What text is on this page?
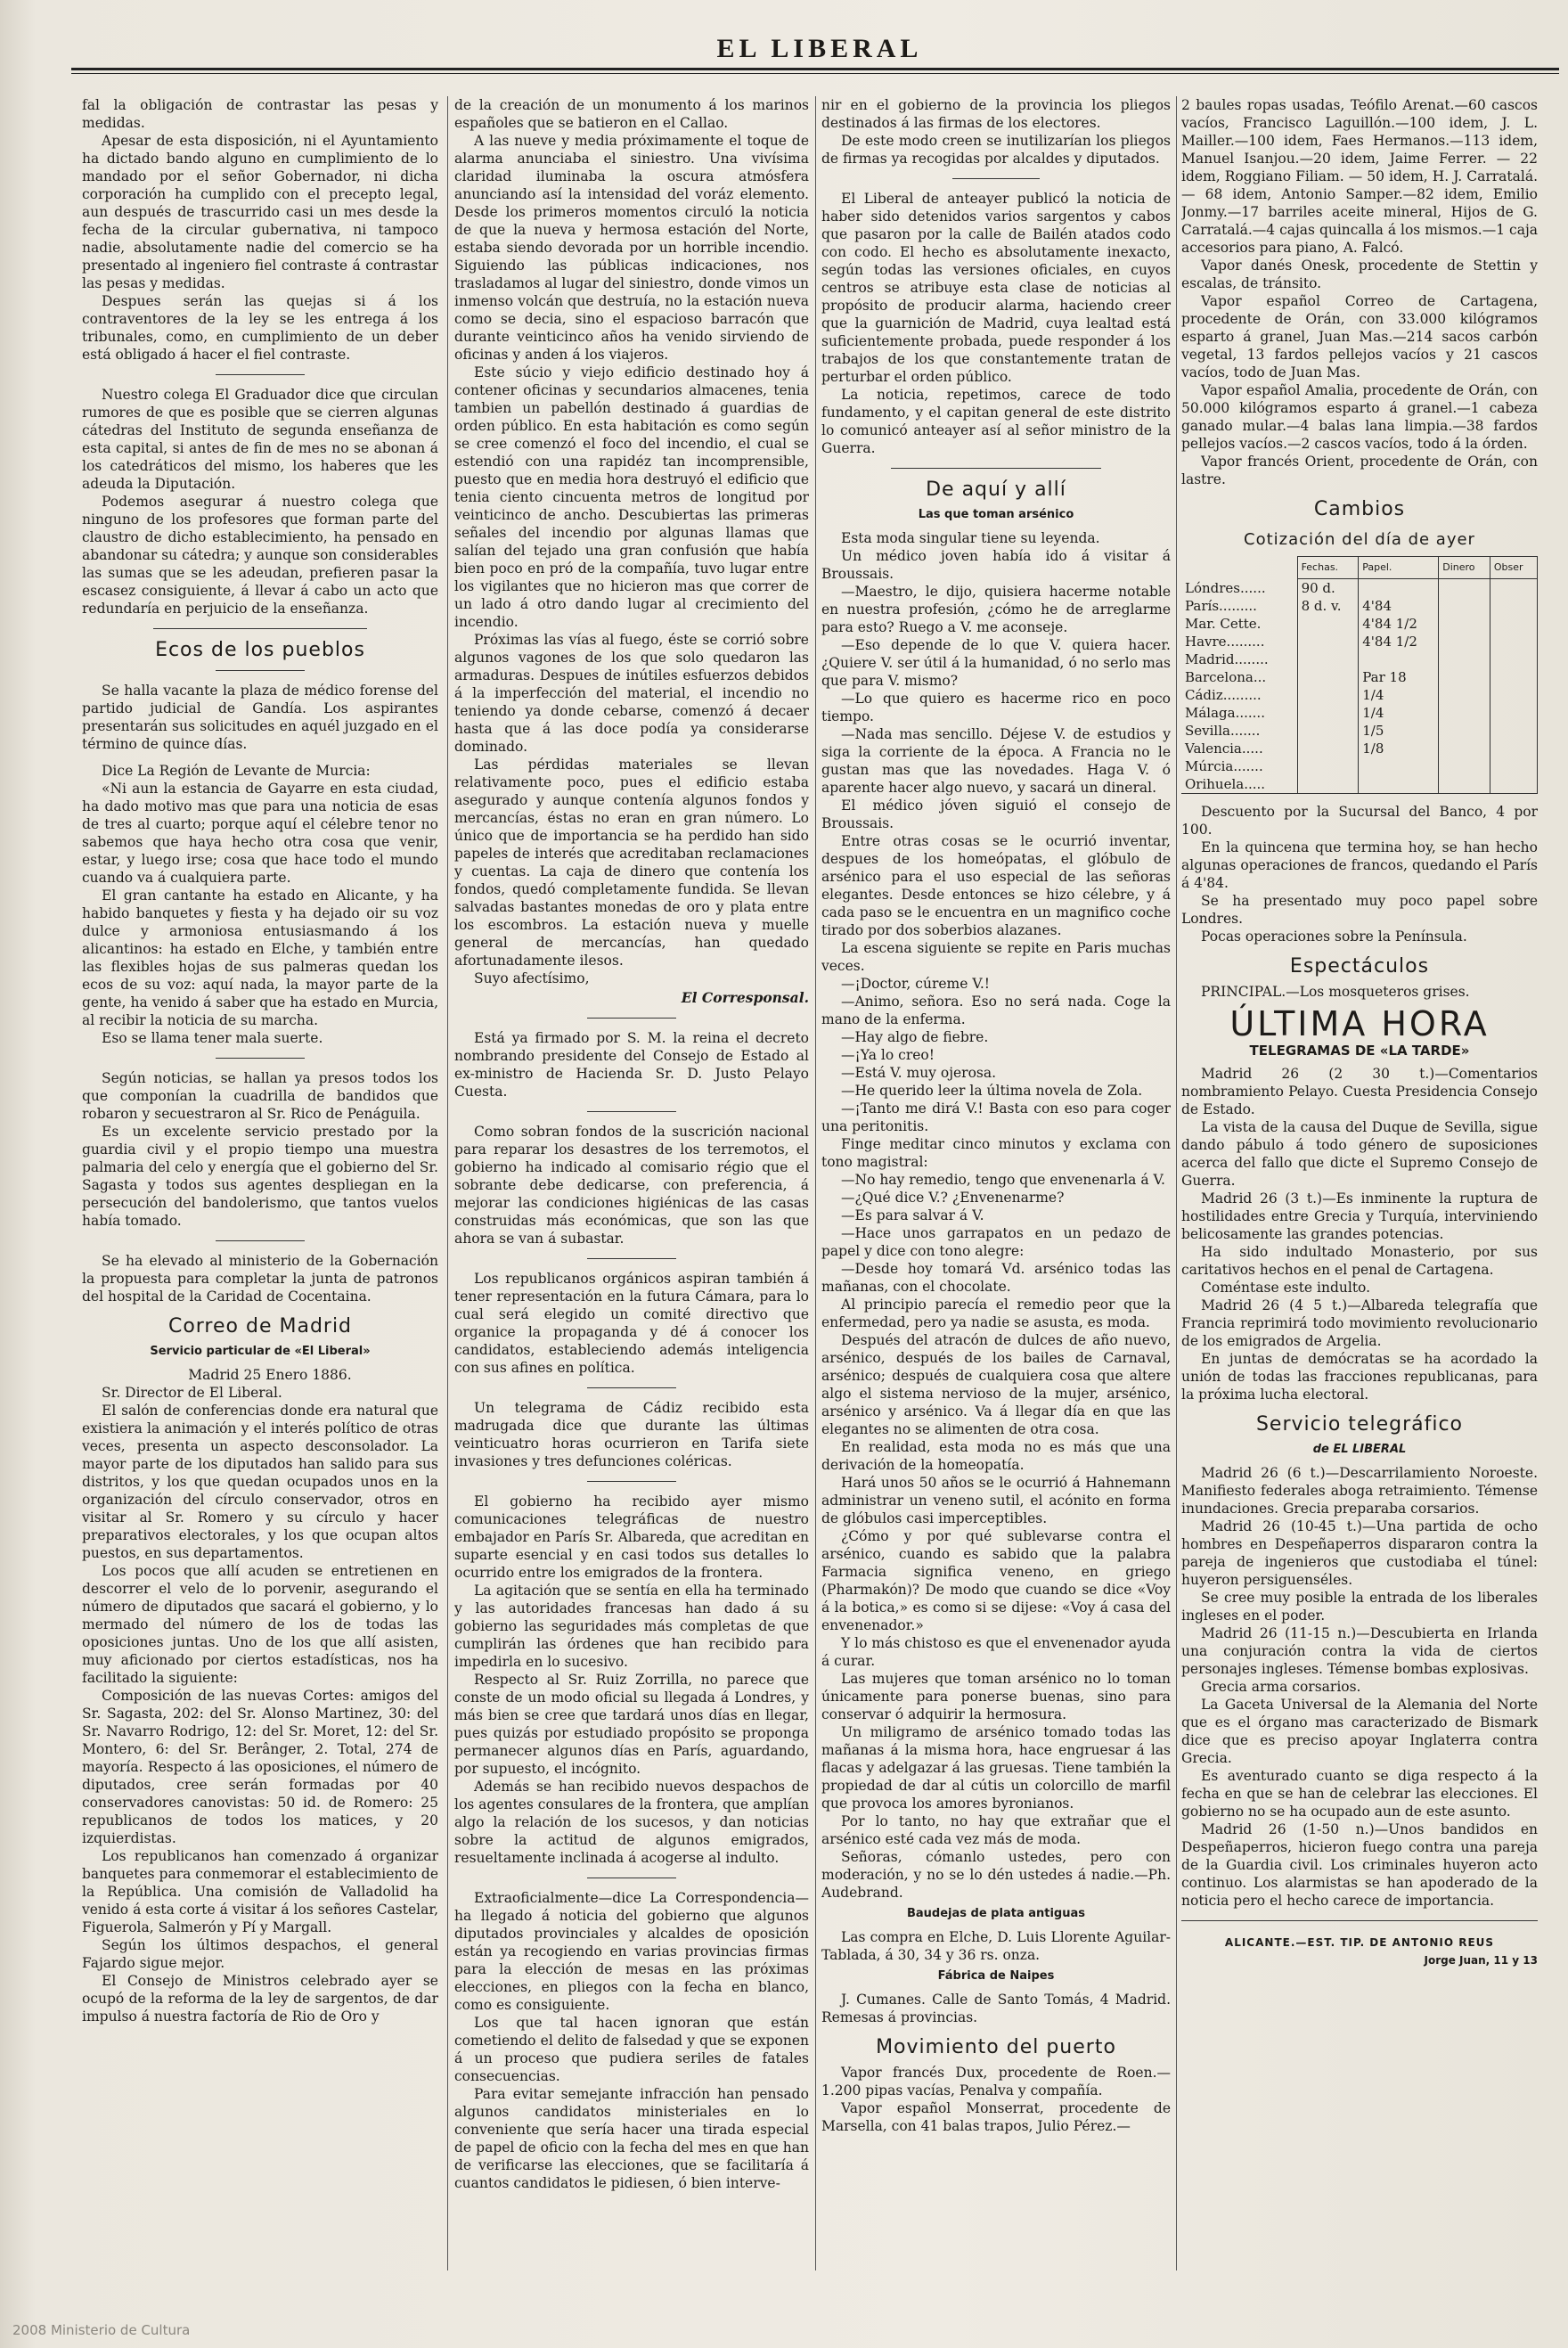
EL LIBERAL

fal la obligación de contrastar las pesas y medidas.

Apesar de esta disposición, ni el Ayuntamiento ha dictado bando alguno en cumplimiento de lo mandado por el señor Gobernador, ni dicha corporación ha cumplido con el precepto legal, aun después de trascurrido casi un mes desde la fecha de la circular gubernativa, ni tampoco nadie, absolutamente nadie del comercio se ha presentado al ingeniero fiel contraste á contrastar las pesas y medidas.

Despues serán las quejas si á los contraventores de la ley se les entrega á los tribunales, como, en cumplimiento de un deber está obligado á hacer el fiel contraste.

Nuestro colega El Graduador dice que circulan rumores de que es posible que se cierren algunas cátedras del Instituto de segunda enseñanza de esta capital, si antes de fin de mes no se abonan á los catedráticos del mismo, los haberes que les adeuda la Diputación.

Podemos asegurar á nuestro colega que ninguno de los profesores que forman parte del claustro de dicho establecimiento, ha pensado en abandonar su cátedra; y aunque son considerables las sumas que se les adeudan, prefieren pasar la escasez consiguiente, á llevar á cabo un acto que redundaría en perjuicio de la enseñanza.

Ecos de los pueblos

Se halla vacante la plaza de médico forense del partido judicial de Gandía. Los aspirantes presentarán sus solicitudes en aquél juzgado en el término de quince días.

Dice La Región de Levante de Murcia:

«Ni aun la estancia de Gayarre en esta ciudad, ha dado motivo mas que para una noticia de esas de tres al cuarto; porque aquí el célebre tenor no sabemos que haya hecho otra cosa que venir, estar, y luego irse; cosa que hace todo el mundo cuando va á cualquiera parte.

El gran cantante ha estado en Alicante, y ha habido banquetes y fiesta y ha dejado oir su voz dulce y armoniosa entusiasmando á los alicantinos: ha estado en Elche, y también entre las flexibles hojas de sus palmeras quedan los ecos de su voz: aquí nada, la mayor parte de la gente, ha venido á saber que ha estado en Murcia, al recibir la noticia de su marcha.

Eso se llama tener mala suerte.

Según noticias, se hallan ya presos todos los que componían la cuadrilla de bandidos que robaron y secuestraron al Sr. Rico de Penáguila.

Es un excelente servicio prestado por la guardia civil y el propio tiempo una muestra palmaria del celo y energía que el gobierno del Sr. Sagasta y todos sus agentes despliegan en la persecución del bandolerismo, que tantos vuelos había tomado.

Se ha elevado al ministerio de la Gobernación la propuesta para completar la junta de patronos del hospital de la Caridad de Cocentaina.

Correo de Madrid
Servicio particular de «El Liberal»

Madrid 25 Enero 1886.

Sr. Director de El Liberal.

El salón de conferencias donde era natural que existiera la animación y el interés político de otras veces, presenta un aspecto desconsolador. La mayor parte de los diputados han salido para sus distritos, y los que quedan ocupados unos en la organización del círculo conservador, otros en visitar al Sr. Romero y su círculo y hacer preparativos electorales, y los que ocupan altos puestos, en sus departamentos.

Los pocos que allí acuden se entretienen en descorrer el velo de lo porvenir, asegurando el número de diputados que sacará el gobierno, y lo mermado del número de los de todas las oposiciones juntas. Uno de los que allí asisten, muy aficionado por ciertos estadísticas, nos ha facilitado la siguiente:

Composición de las nuevas Cortes: amigos del Sr. Sagasta, 202: del Sr. Alonso Martinez, 30: del Sr. Navarro Rodrigo, 12: del Sr. Moret, 12: del Sr. Montero, 6: del Sr. Berânger, 2. Total, 274 de mayoría. Respecto á las oposiciones, el número de diputados, cree serán formadas por 40 conservadores canovistas: 50 id. de Romero: 25 republicanos de todos los matices, y 20 izquierdistas.

Los republicanos han comenzado á organizar banquetes para conmemorar el establecimiento de la República. Una comisión de Valladolid ha venido á esta corte á visitar á los señores Castelar, Figuerola, Salmerón y Pí y Margall.

Según los últimos despachos, el general Fajardo sigue mejor.

El Consejo de Ministros celebrado ayer se ocupó de la reforma de la ley de sargentos, de dar impulso á nuestra factoría de Rio de Oro y

de la creación de un monumento á los marinos españoles que se batieron en el Callao.

A las nueve y media próximamente el toque de alarma anunciaba el siniestro. Una vivísima claridad iluminaba la oscura atmósfera anunciando así la intensidad del voráz elemento. Desde los primeros momentos circuló la noticia de que la nueva y hermosa estación del Norte, estaba siendo devorada por un horrible incendio. Siguiendo las públicas indicaciones, nos trasladamos al lugar del siniestro, donde vimos un inmenso volcán que destruía, no la estación nueva como se decia, sino el espacioso barracón que durante veinticinco años ha venido sirviendo de oficinas y anden á los viajeros.

Este súcio y viejo edificio destinado hoy á contener oficinas y secundarios almacenes, tenia tambien un pabellón destinado á guardias de orden público. En esta habitación es como según se cree comenzó el foco del incendio, el cual se estendió con una rapidéz tan incomprensible, puesto que en media hora destruyó el edificio que tenia ciento cincuenta metros de longitud por veinticinco de ancho. Descubiertas las primeras señales del incendio por algunas llamas que salían del tejado una gran confusión que había bien poco en pró de la compañía, tuvo lugar entre los vigilantes que no hicieron mas que correr de un lado á otro dando lugar al crecimiento del incendio.

Próximas las vías al fuego, éste se corrió sobre algunos vagones de los que solo quedaron las armaduras. Despues de inútiles esfuerzos debidos á la imperfección del material, el incendio no teniendo ya donde cebarse, comenzó á decaer hasta que á las doce podía ya considerarse dominado.

Las pérdidas materiales se llevan relativamente poco, pues el edificio estaba asegurado y aunque contenía algunos fondos y mercancías, éstas no eran en gran número. Lo único que de importancia se ha perdido han sido papeles de interés que acreditaban reclamaciones y cuentas. La caja de dinero que contenía los fondos, quedó completamente fundida. Se llevan salvadas bastantes monedas de oro y plata entre los escombros. La estación nueva y muelle general de mercancías, han quedado afortunadamente ilesos.

Suyo afectísimo,

El Corresponsal.

Está ya firmado por S. M. la reina el decreto nombrando presidente del Consejo de Estado al ex-ministro de Hacienda Sr. D. Justo Pelayo Cuesta.

Como sobran fondos de la suscrición nacional para reparar los desastres de los terremotos, el gobierno ha indicado al comisario régio que el sobrante debe dedicarse, con preferencia, á mejorar las condiciones higiénicas de las casas construidas más económicas, que son las que ahora se van á subastar.

Los republicanos orgánicos aspiran también á tener representación en la futura Cámara, para lo cual será elegido un comité directivo que organice la propaganda y dé á conocer los candidatos, estableciendo además inteligencia con sus afines en política.

Un telegrama de Cádiz recibido esta madrugada dice que durante las últimas veinticuatro horas ocurrieron en Tarifa siete invasiones y tres defunciones coléricas.

El gobierno ha recibido ayer mismo comunicaciones telegráficas de nuestro embajador en París Sr. Albareda, que acreditan en suparte esencial y en casi todos sus detalles lo ocurrido entre los emigrados de la frontera.

La agitación que se sentía en ella ha terminado y las autoridades francesas han dado á su gobierno las seguridades más completas de que cumplirán las órdenes que han recibido para impedirla en lo sucesivo.

Respecto al Sr. Ruiz Zorrilla, no parece que conste de un modo oficial su llegada á Londres, y más bien se cree que tardará unos días en llegar, pues quizás por estudiado propósito se proponga permanecer algunos días en París, aguardando, por supuesto, el incógnito.

Además se han recibido nuevos despachos de los agentes consulares de la frontera, que amplían algo la relación de los sucesos, y dan noticias sobre la actitud de algunos emigrados, resueltamente inclinada á acogerse al indulto.

Extraoficialmente—dice La Correspondencia—ha llegado á noticia del gobierno que algunos diputados provinciales y alcaldes de oposición están ya recogiendo en varias provincias firmas para la elección de mesas en las próximas elecciones, en pliegos con la fecha en blanco, como es consiguiente.

Los que tal hacen ignoran que están cometiendo el delito de falsedad y que se exponen á un proceso que pudiera seriles de fatales consecuencias.

Para evitar semejante infracción han pensado algunos candidatos ministeriales en lo conveniente que sería hacer una tirada especial de papel de oficio con la fecha del mes en que han de verificarse las elecciones, que se facilitaría á cuantos candidatos le pidiesen, ó bien interve-

nir en el gobierno de la provincia los pliegos destinados á las firmas de los electores.

De este modo creen se inutilizarían los pliegos de firmas ya recogidas por alcaldes y diputados.

El Liberal de anteayer publicó la noticia de haber sido detenidos varios sargentos y cabos que pasaron por la calle de Bailén atados codo con codo. El hecho es absolutamente inexacto, según todas las versiones oficiales, en cuyos centros se atribuye esta clase de noticias al propósito de producir alarma, haciendo creer que la guarnición de Madrid, cuya lealtad está suficientemente probada, puede responder á los trabajos de los que constantemente tratan de perturbar el orden público.

La noticia, repetimos, carece de todo fundamento, y el capitan general de este distrito lo comunicó anteayer así al señor ministro de la Guerra.

De aquí y allí
Las que toman arsénico

Esta moda singular tiene su leyenda.

Un médico joven había ido á visitar á Broussais.

—Maestro, le dijo, quisiera hacerme notable en nuestra profesión, ¿cómo he de arreglarme para esto? Ruego a V. me aconseje.

—Eso depende de lo que V. quiera hacer. ¿Quiere V. ser útil á la humanidad, ó no serlo mas que para V. mismo?

—Lo que quiero es hacerme rico en poco tiempo.

—Nada mas sencillo. Déjese V. de estudios y siga la corriente de la época. A Francia no le gustan mas que las novedades. Haga V. ó aparente hacer algo nuevo, y sacará un dineral.

El médico jóven siguió el consejo de Broussais.

Entre otras cosas se le ocurrió inventar, despues de los homeópatas, el glóbulo de arsénico para el uso especial de las señoras elegantes. Desde entonces se hizo célebre, y á cada paso se le encuentra en un magnifico coche tirado por dos soberbios alazanes.

La escena siguiente se repite en Paris muchas veces.

—¡Doctor, cúreme V.!

—Animo, señora. Eso no será nada. Coge la mano de la enferma.

—Hay algo de fiebre.

—¡Ya lo creo!

—Está V. muy ojerosa.

—He querido leer la última novela de Zola.

—¡Tanto me dirá V.! Basta con eso para coger una peritonitis.

Finge meditar cinco minutos y exclama con tono magistral:

—No hay remedio, tengo que envenenarla á V.

—¿Qué dice V.? ¿Envenenarme?

—Es para salvar á V.

—Hace unos garrapatos en un pedazo de papel y dice con tono alegre:

—Desde hoy tomará Vd. arsénico todas las mañanas, con el chocolate.

Al principio parecía el remedio peor que la enfermedad, pero ya nadie se asusta, es moda.

Después del atracón de dulces de año nuevo, arsénico, después de los bailes de Carnaval, arsénico; después de cualquiera cosa que altere algo el sistema nervioso de la mujer, arsénico, arsénico y arsénico. Va á llegar día en que las elegantes no se alimenten de otra cosa.

En realidad, esta moda no es más que una derivación de la homeopatía.

Hará unos 50 años se le ocurrió á Hahnemann administrar un veneno sutil, el acónito en forma de glóbulos casi imperceptibles.

¿Cómo y por qué sublevarse contra el arsénico, cuando es sabido que la palabra Farmacia significa veneno, en griego (Pharmakón)? De modo que cuando se dice «Voy á la botica,» es como si se dijese: «Voy á casa del envenenador.»

Y lo más chistoso es que el envenenador ayuda á curar.

Las mujeres que toman arsénico no lo toman únicamente para ponerse buenas, sino para conservar ó adquirir la hermosura.

Un miligramo de arsénico tomado todas las mañanas á la misma hora, hace engruesar á las flacas y adelgazar á las gruesas. Tiene también la propiedad de dar al cútis un colorcillo de marfil que provoca los amores byronianos.

Por lo tanto, no hay que extrañar que el arsénico esté cada vez más de moda.

Señoras, cómanlo ustedes, pero con moderación, y no se lo dén ustedes á nadie.—Ph. Audebrand.

Baudejas de plata antiguas

Las compra en Elche, D. Luis Llorente Aguilar-Tablada, á 30, 34 y 36 rs. onza.

Fábrica de Naipes

J. Cumanes. Calle de Santo Tomás, 4 Madrid. Remesas á provincias.

Movimiento del puerto

Vapor francés Dux, procedente de Roen.—1.200 pipas vacías, Penalva y compañía.

Vapor español Monserrat, procedente de Marsella, con 41 balas trapos, Julio Pérez.—

2 baules ropas usadas, Teófilo Arenat.—60 cascos vacíos, Francisco Laguillón.—100 idem, J. L. Mailler.—100 idem, Faes Hermanos.—113 idem, Manuel Isanjou.—20 idem, Jaime Ferrer. — 22 idem, Roggiano Filiam. — 50 idem, H. J. Carratalá.— 68 idem, Antonio Samper.—82 idem, Emilio Jonmy.—17 barriles aceite mineral, Hijos de G. Carratalá.—4 cajas quincalla á los mismos.—1 caja accesorios para piano, A. Falcó.

Vapor danés Onesk, procedente de Stettin y escalas, de tránsito.

Vapor español Correo de Cartagena, procedente de Orán, con 33.000 kilógramos esparto á granel, Juan Mas.—214 sacos carbón vegetal, 13 fardos pellejos vacíos y 21 cascos vacíos, todo de Juan Mas.

Vapor español Amalia, procedente de Orán, con 50.000 kilógramos esparto á granel.—1 cabeza ganado mular.—4 balas lana limpia.—38 fardos pellejos vacíos.—2 cascos vacíos, todo á la órden.

Vapor francés Orient, procedente de Orán, con lastre.

Cambios
Cotización del día de ayer
	Fechas.	Papel.	Dinero	Obser
Lóndres......	90 d.			
París.........	8 d. v.	4'84		
Mar. Cette.		4'84 1/2		
Havre.........		4'84 1/2		
Madrid........				
Barcelona...		Par 18		
Cádiz.........		1/4		
Málaga.......		1/4		
Sevilla.......		1/5		
Valencia.....		1/8		
Múrcia.......				
Orihuela.....				

Descuento por la Sucursal del Banco, 4 por 100.

En la quincena que termina hoy, se han hecho algunas operaciones de francos, quedando el París á 4'84.

Se ha presentado muy poco papel sobre Londres.

Pocas operaciones sobre la Península.

Espectáculos

PRINCIPAL.—Los mosqueteros grises.

ÚLTIMA HORA
TELEGRAMAS DE «LA TARDE»

Madrid 26 (2 30 t.)—Comentarios nombramiento Pelayo. Cuesta Presidencia Consejo de Estado.

La vista de la causa del Duque de Sevilla, sigue dando pábulo á todo género de suposiciones acerca del fallo que dicte el Supremo Consejo de Guerra.

Madrid 26 (3 t.)—Es inminente la ruptura de hostilidades entre Grecia y Turquía, interviniendo belicosamente las grandes potencias.

Ha sido indultado Monasterio, por sus caritativos hechos en el penal de Cartagena.

Coméntase este indulto.

Madrid 26 (4 5 t.)—Albareda telegrafía que Francia reprimirá todo movimiento revolucionario de los emigrados de Argelia.

En juntas de demócratas se ha acordado la unión de todas las fracciones republicanas, para la próxima lucha electoral.

Servicio telegráfico
de EL LIBERAL

Madrid 26 (6 t.)—Descarrilamiento Noroeste. Manifiesto federales aboga retraimiento. Témense inundaciones. Grecia preparaba corsarios.

Madrid 26 (10-45 t.)—Una partida de ocho hombres en Despeñaperros dispararon contra la pareja de ingenieros que custodiaba el túnel: huyeron persiguenséles.

Se cree muy posible la entrada de los liberales ingleses en el poder.

Madrid 26 (11-15 n.)—Descubierta en Irlanda una conjuración contra la vida de ciertos personajes ingleses. Témense bombas explosivas.

Grecia arma corsarios.

La Gaceta Universal de la Alemania del Norte que es el órgano mas caracterizado de Bismark dice que es preciso apoyar Inglaterra contra Grecia.

Es aventurado cuanto se diga respecto á la fecha en que se han de celebrar las elecciones. El gobierno no se ha ocupado aun de este asunto.

Madrid 26 (1-50 n.)—Unos bandidos en Despeñaperros, hicieron fuego contra una pareja de la Guardia civil. Los criminales huyeron acto continuo. Los alarmistas se han apoderado de la noticia pero el hecho carece de importancia.

ALICANTE.—EST. TIP. DE ANTONIO REUS
Jorge Juan, 11 y 13
2008 Ministerio de Cultura
